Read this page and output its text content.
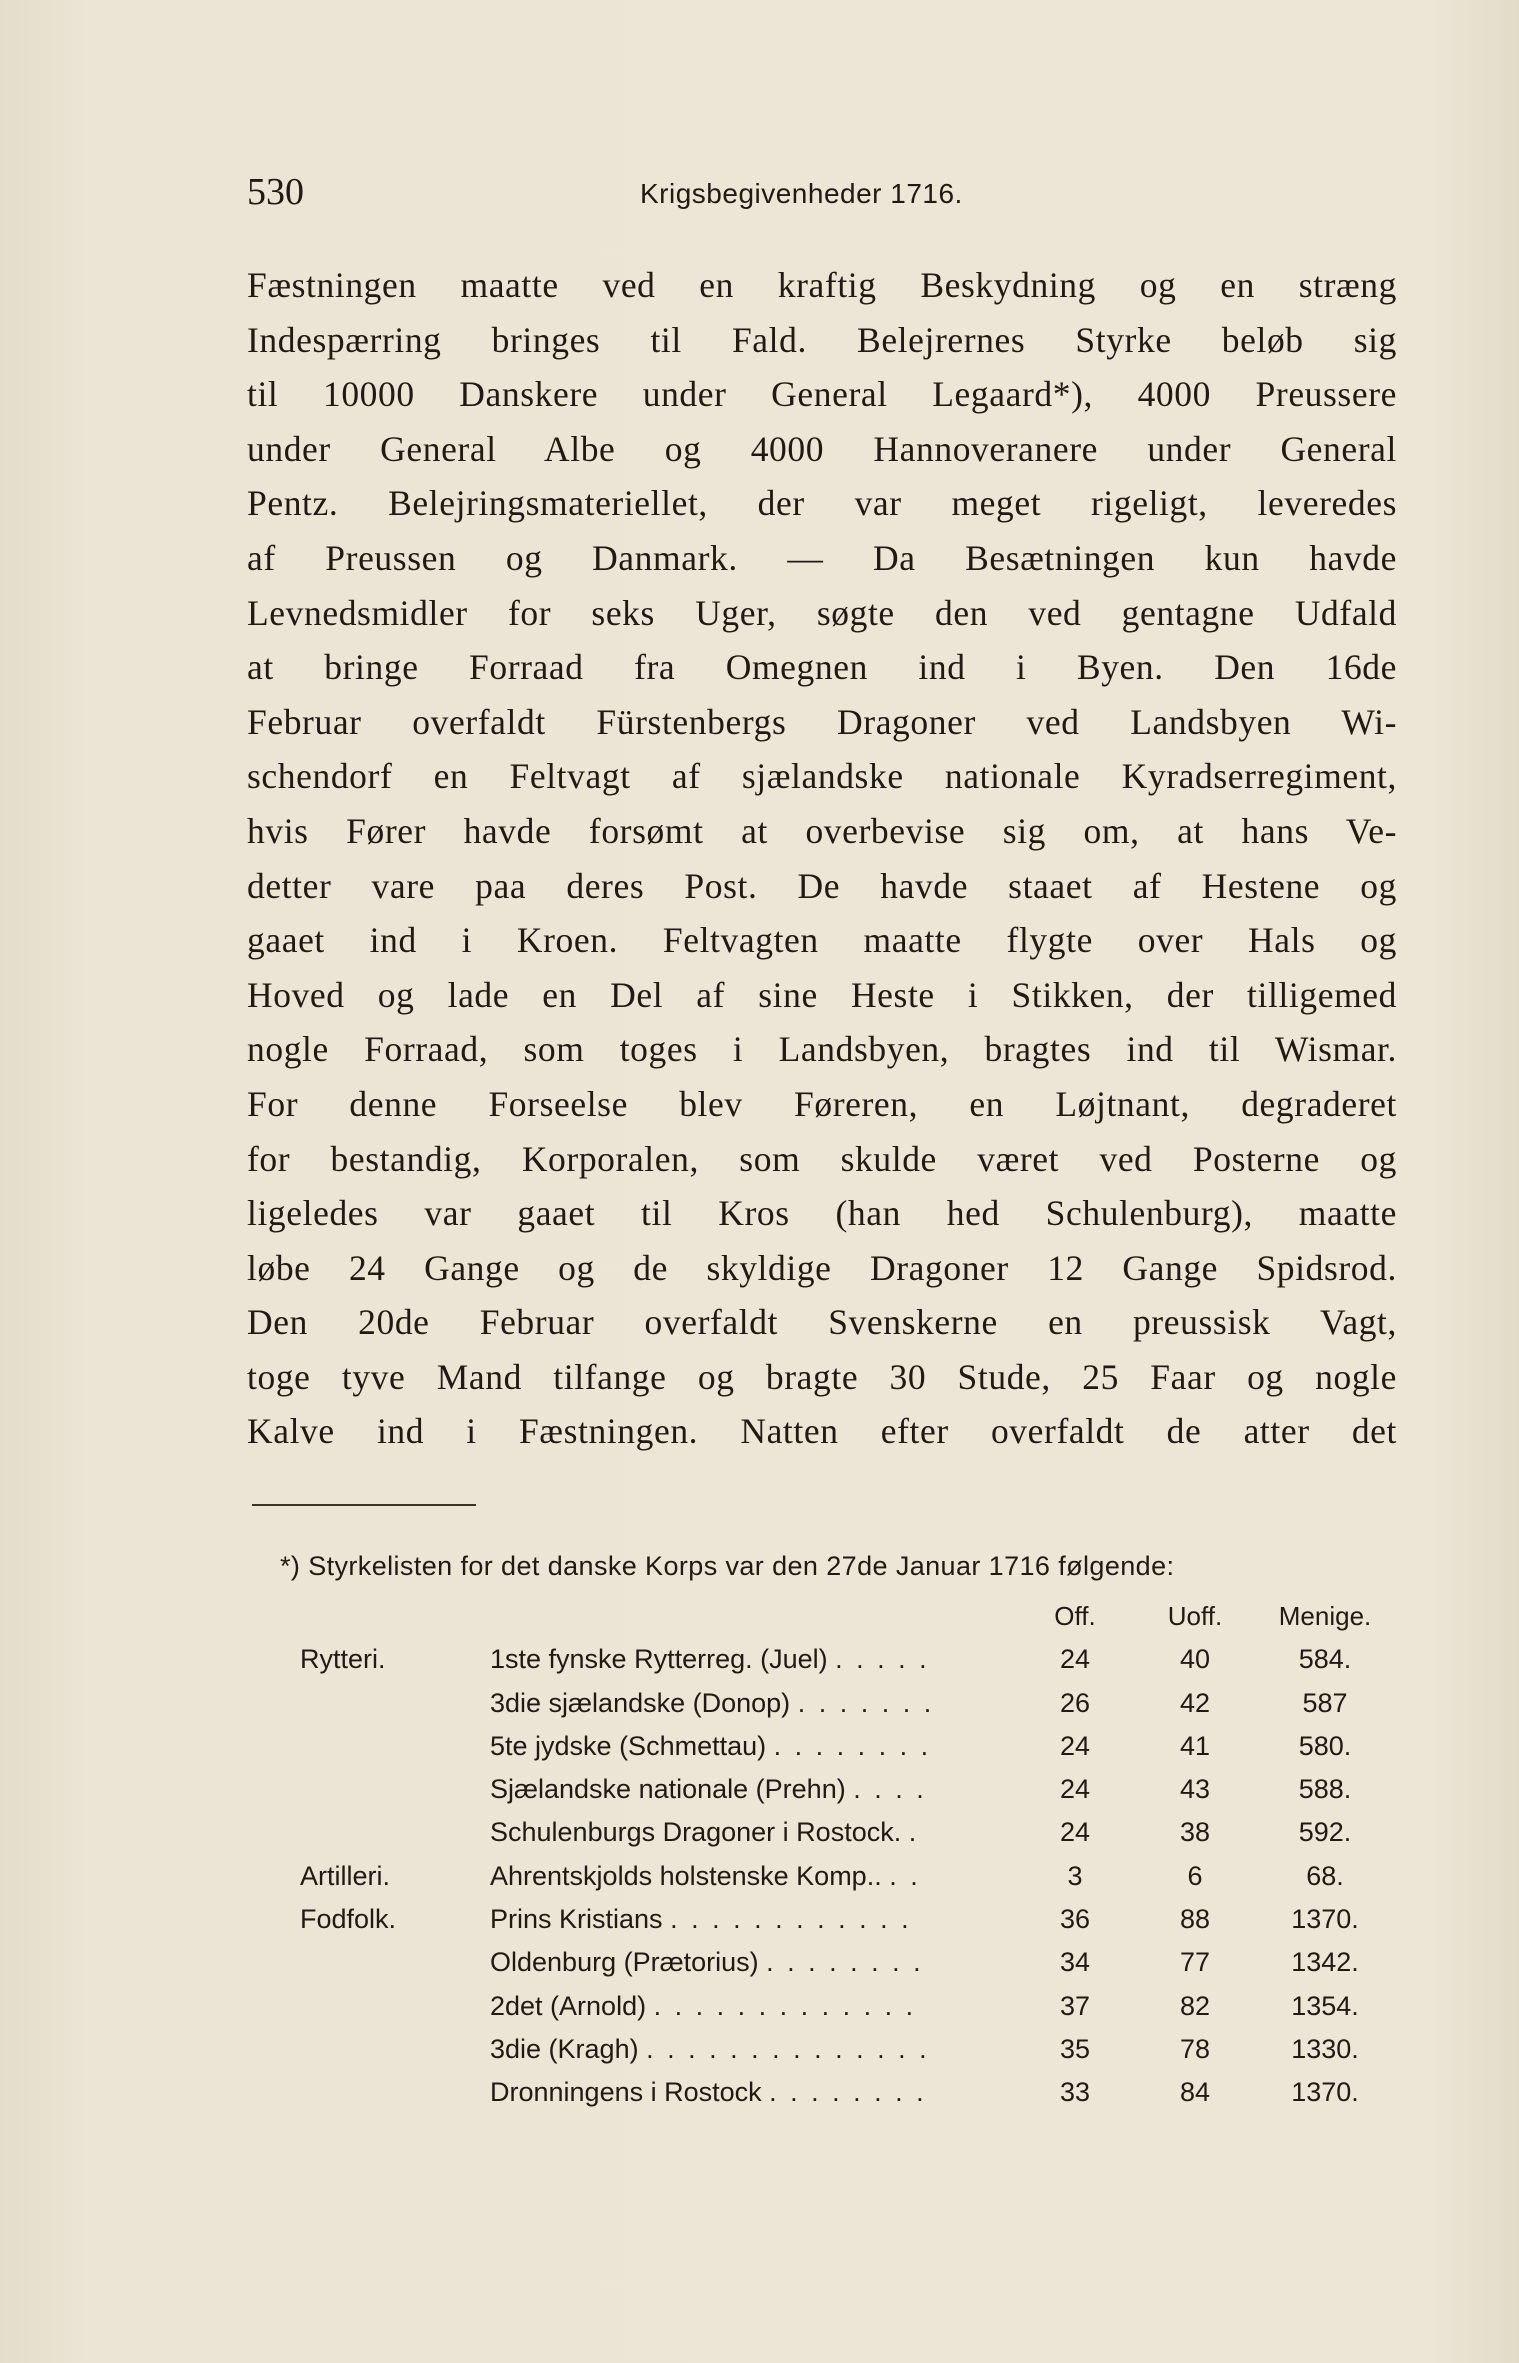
530	Krigsbegivenheder 1716.
Fæstningen maatte ved en kraftig Beskydning og en stræng
Indespærring bringes til Fald. Belejrernes Styrke beløb sig
til 10000 Danskere under General Legaard*), 4000 Preussere
under General Albe og 4000 Hannoveranere under General
Pentz. Belejringsmateriellet, der var meget rigeligt, leveredes
af Preussen og Danmark. — Da Besætningen kun havde
Levnedsmidler for seks Uger, søgte den ved gentagne Udfald
at bringe Forraad fra Omegnen ind i Byen. Den 16de
Februar overfaldt Fürstenbergs Dragoner ved Landsbyen Wi-
schendorf en Feltvagt af sjælandske nationale Kyradserregiment,
hvis Fører havde forsømt at overbevise sig om, at hans Ve-
detter vare paa deres Post. De havde staaet af Hestene og
gaaet ind i Kroen. Feltvagten maatte flygte over Hals og
Hoved og lade en Del af sine Heste i Stikken, der tilligemed
nogle Forraad, som toges i Landsbyen, bragtes ind til Wismar.
For denne Forseelse blev Føreren, en Løjtnant, degraderet
for bestandig, Korporalen, som skulde været ved Posterne og
ligeledes var gaaet til Kros (han hed Schulenburg), maatte
løbe 24 Gange og de skyldige Dragoner 12 Gange Spidsrod.
Den 20de Februar overfaldt Svenskerne en preussisk Vagt,
toge tyve Mand tilfange og bragte 30 Stude, 25 Faar og nogle
Kalve ind i Fæstningen. Natten efter overfaldt de atter det
*) Styrkelisten for det danske Korps var den 27de Januar 1716 følgende:
Off.	Uoff.	Menige.
Rytteri.	1ste fynske Rytterreg. (Juel) . . . . .	24	40	584.
3die sjælandske (Donop) . . . . . . .	26	42	587
5te jydske (Schmettau) . . . . . . . .	24	41	580.
Sjælandske nationale (Prehn) . . . .	24	43	588.
Schulenburgs Dragoner i Rostock. .	24	38	592.
Artilleri.	Ahrentskjolds holstenske Komp.. . .	3	6	68.
Fodfolk.	Prins Kristians . . . . . . . . . . . .	36	88	1370.
Oldenburg (Prætorius) . . . . . . . .	34	77	1342.
2det (Arnold) . . . . . . . . . . . . .	37	82	1354.
3die (Kragh) . . . . . . . . . . . . . .	35	78	1330.
Dronningens i Rostock . . . . . . . .	33	84	1370.
